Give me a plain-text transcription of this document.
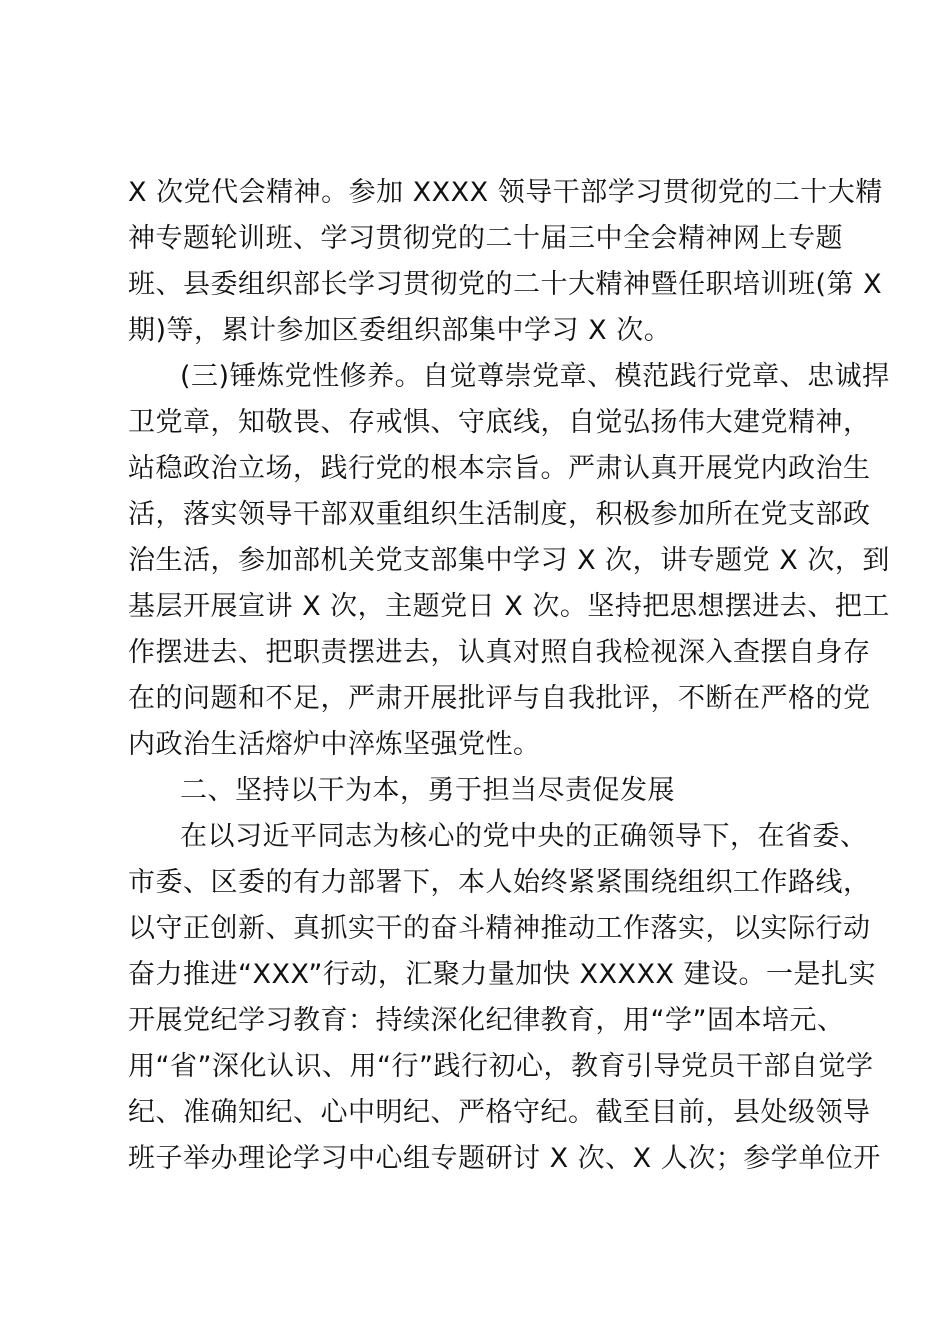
X 次党代会精神。参加 XXXX 领导干部学习贯彻党的二十大精
神专题轮训班、学习贯彻党的二十届三中全会精神网上专题
班、县委组织部长学习贯彻党的二十大精神暨任职培训班(第 X
期)等，累计参加区委组织部集中学习 X 次。
(三)锤炼党性修养。自觉尊崇党章、模范践行党章、忠诚捍
卫党章，知敬畏、存戒惧、守底线，自觉弘扬伟大建党精神，
站稳政治立场，践行党的根本宗旨。严肃认真开展党内政治生
活，落实领导干部双重组织生活制度，积极参加所在党支部政
治生活，参加部机关党支部集中学习 X 次，讲专题党 X 次，到
基层开展宣讲 X 次，主题党日 X 次。坚持把思想摆进去、把工
作摆进去、把职责摆进去，认真对照自我检视深入查摆自身存
在的问题和不足，严肃开展批评与自我批评，不断在严格的党
内政治生活熔炉中淬炼坚强党性。
二、坚持以干为本，勇于担当尽责促发展
在以习近平同志为核心的党中央的正确领导下，在省委、
市委、区委的有力部署下，本人始终紧紧围绕组织工作路线，
以守正创新、真抓实干的奋斗精神推动工作落实，以实际行动
奋力推进“XXX”行动，汇聚力量加快 XXXXX 建设。一是扎实
开展党纪学习教育：持续深化纪律教育，用“学”固本培元、
用“省”深化认识、用“行”践行初心，教育引导党员干部自觉学
纪、准确知纪、心中明纪、严格守纪。截至目前，县处级领导
班子举办理论学习中心组专题研讨 X 次、X 人次；参学单位开
